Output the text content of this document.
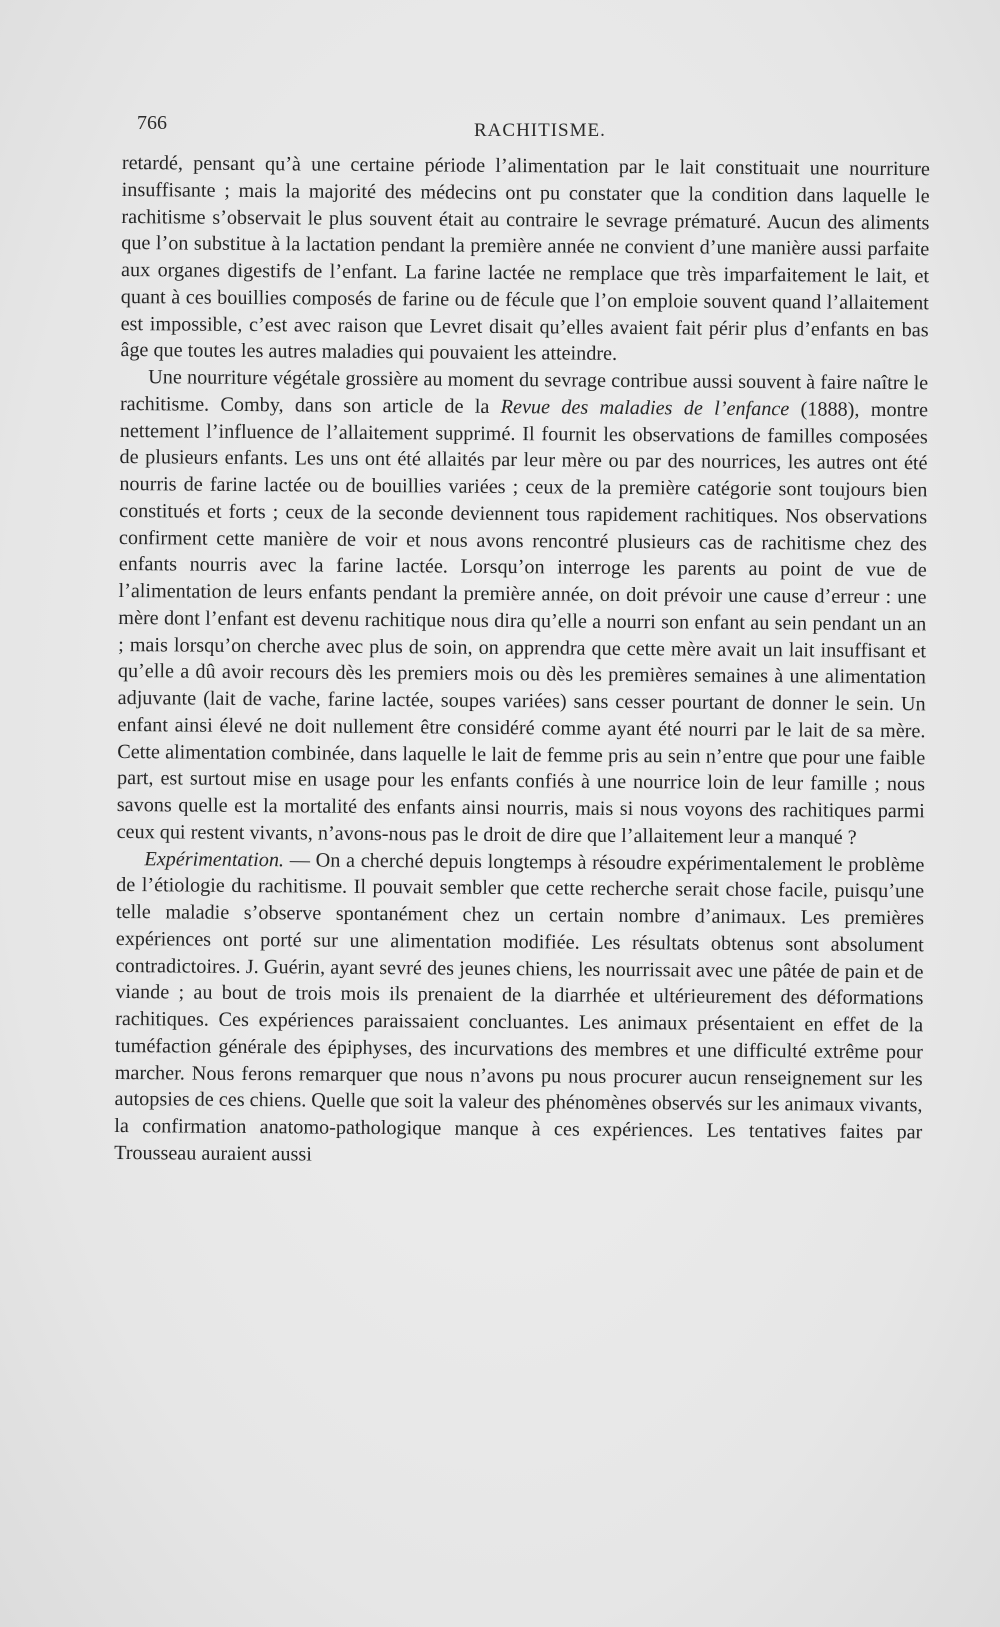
766	RACHITISME.

retardé, pensant qu’à une certaine période l’alimentation par le lait constituait une nourriture insuffisante ; mais la majorité des médecins ont pu constater que la condition dans laquelle le rachitisme s’observait le plus souvent était au contraire le sevrage prématuré. Aucun des aliments que l’on substitue à la lactation pendant la première année ne convient d’une manière aussi parfaite aux organes digestifs de l’enfant. La farine lactée ne remplace que très imparfaitement le lait, et quant à ces bouillies composés de farine ou de fécule que l’on emploie souvent quand l’allaitement est impossible, c’est avec raison que Levret disait qu’elles avaient fait périr plus d’enfants en bas âge que toutes les autres maladies qui pouvaient les atteindre.

Une nourriture végétale grossière au moment du sevrage contribue aussi souvent à faire naître le rachitisme. Comby, dans son article de la Revue des maladies de l’enfance (1888), montre nettement l’influence de l’allaitement supprimé. Il fournit les observations de familles composées de plusieurs enfants. Les uns ont été allaités par leur mère ou par des nourrices, les autres ont été nourris de farine lactée ou de bouillies variées ; ceux de la première catégorie sont toujours bien constitués et forts ; ceux de la seconde deviennent tous rapidement rachitiques. Nos observations confirment cette manière de voir et nous avons rencontré plusieurs cas de rachitisme chez des enfants nourris avec la farine lactée. Lorsqu’on interroge les parents au point de vue de l’alimentation de leurs enfants pendant la première année, on doit prévoir une cause d’erreur : une mère dont l’enfant est devenu rachitique nous dira qu’elle a nourri son enfant au sein pendant un an ; mais lorsqu’on cherche avec plus de soin, on apprendra que cette mère avait un lait insuffisant et qu’elle a dû avoir recours dès les premiers mois ou dès les premières semaines à une alimentation adjuvante (lait de vache, farine lactée, soupes variées) sans cesser pourtant de donner le sein. Un enfant ainsi élevé ne doit nullement être considéré comme ayant été nourri par le lait de sa mère. Cette alimentation combinée, dans laquelle le lait de femme pris au sein n’entre que pour une faible part, est surtout mise en usage pour les enfants confiés à une nourrice loin de leur famille ; nous savons quelle est la mortalité des enfants ainsi nourris, mais si nous voyons des rachitiques parmi ceux qui restent vivants, n’avons-nous pas le droit de dire que l’allaitement leur a manqué ?

Expérimentation. — On a cherché depuis longtemps à résoudre expérimentalement le problème de l’étiologie du rachitisme. Il pouvait sembler que cette recherche serait chose facile, puisqu’une telle maladie s’observe spontanément chez un certain nombre d’animaux. Les premières expériences ont porté sur une alimentation modifiée. Les résultats obtenus sont absolument contradictoires. J. Guérin, ayant sevré des jeunes chiens, les nourrissait avec une pâtée de pain et de viande ; au bout de trois mois ils prenaient de la diarrhée et ultérieurement des déformations rachitiques. Ces expériences paraissaient concluantes. Les animaux présentaient en effet de la tuméfaction générale des épiphyses, des incurvations des membres et une difficulté extrême pour marcher. Nous ferons remarquer que nous n’avons pu nous procurer aucun renseignement sur les autopsies de ces chiens. Quelle que soit la valeur des phénomènes observés sur les animaux vivants, la confirmation anatomo-pathologique manque à ces expériences. Les tentatives faites par Trousseau auraient aussi
